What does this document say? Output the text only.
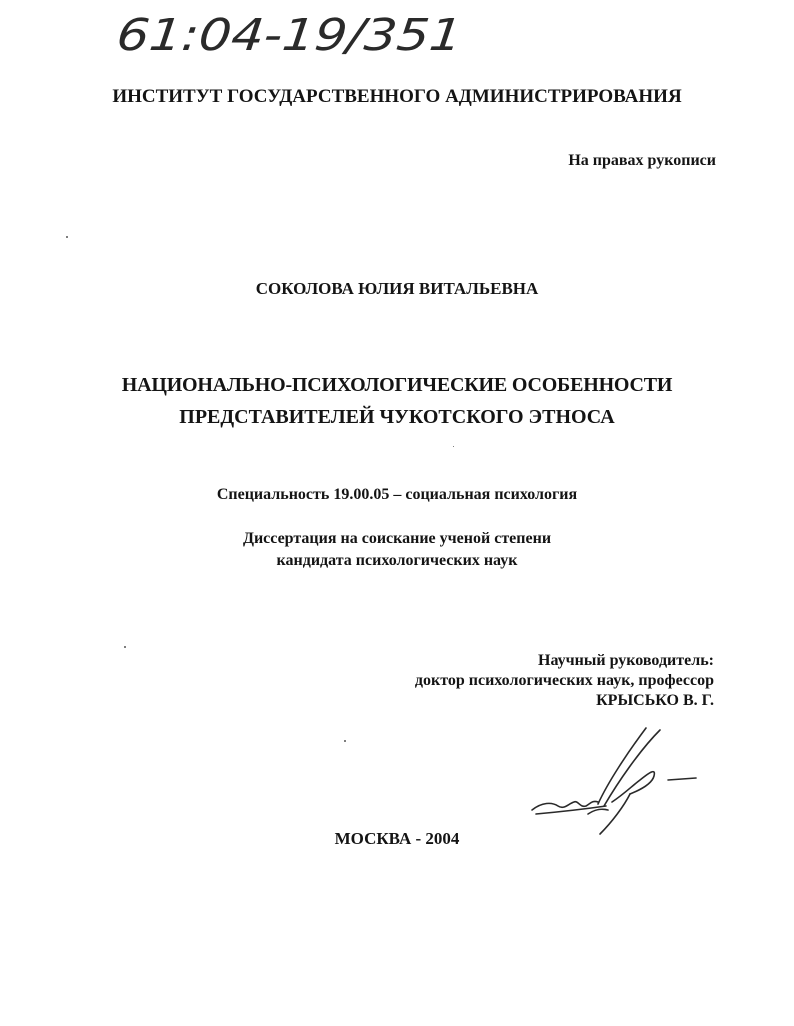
61:04-19/351
ИНСТИТУТ ГОСУДАРСТВЕННОГО АДМИНИСТРИРОВАНИЯ
На правах рукописи
СОКОЛОВА ЮЛИЯ ВИТАЛЬЕВНА
НАЦИОНАЛЬНО-ПСИХОЛОГИЧЕСКИЕ ОСОБЕННОСТИ
ПРЕДСТАВИТЕЛЕЙ ЧУКОТСКОГО ЭТНОСА
Специальность 19.00.05 – социальная психология
Диссертация на соискание ученой степени
кандидата психологических наук
Научный руководитель:
доктор психологических наук, профессор
КРЫСЬКО В. Г.
МОСКВА - 2004
